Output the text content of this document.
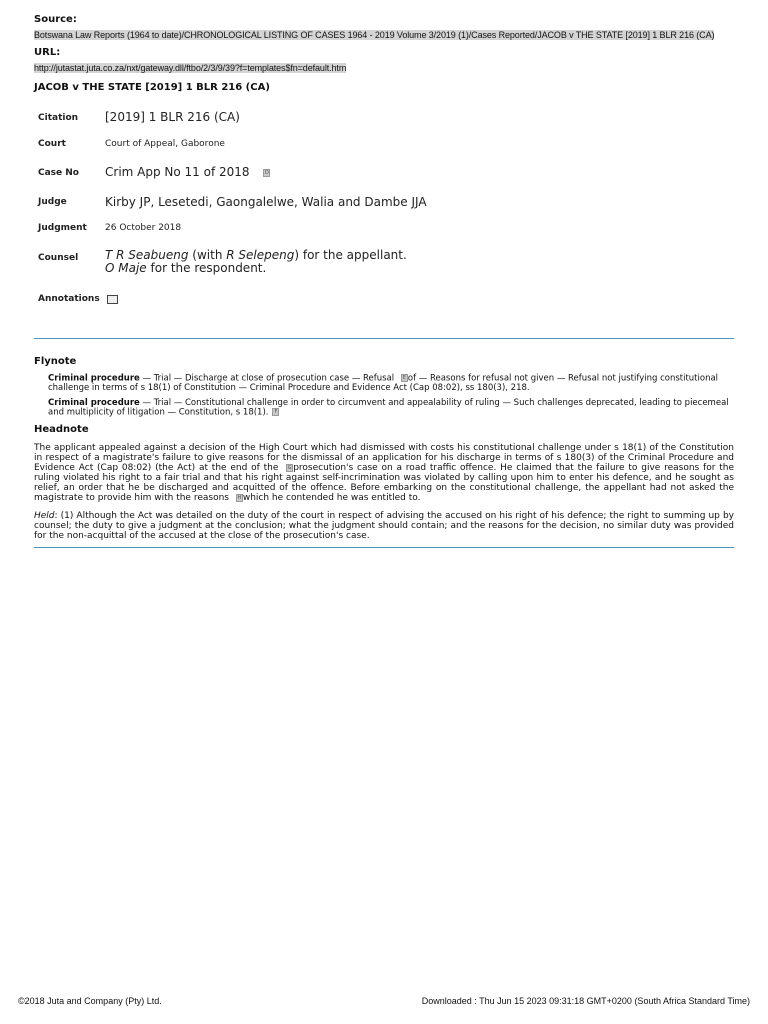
Source:
Botswana Law Reports (1964 to date)/CHRONOLOGICAL LISTING OF CASES 1964 - 2019 Volume 3/2019 (1)/Cases Reported/JACOB v THE STATE [2019] 1 BLR 216 (CA)
URL:
http://jutastat.juta.co.za/nxt/gateway.dll/ftbo/2/3/9/39?f=templates$fn=default.htm
JACOB v THE STATE [2019] 1 BLR 216 (CA)
Citation	[2019] 1 BLR 216 (CA)
Court	Court of Appeal, Gaborone
Case No	Crim App No 11 of 2018 D
Judge	Kirby JP, Lesetedi, Gaongalelwe, Walia and Dambe JJA
Judgment	26 October 2018
Counsel	T R Seabueng (with R Selepeng) for the appellant.
O Maje for the respondent.

Annotations	
Flynote
Criminal procedure — Trial — Discharge at close of prosecution case — Refusal E of — Reasons for refusal not given — Refusal not justifying constitutional challenge in terms of s 18(1) of Constitution — Criminal Procedure and Evidence Act (Cap 08:02), ss 180(3), 218.
Criminal procedure — Trial — Constitutional challenge in order to circumvent and appealability of ruling — Such challenges deprecated, leading to piecemeal and multiplicity of litigation — Constitution, s 18(1). F
Headnote
The applicant appealed against a decision of the High Court which had dismissed with costs his constitutional challenge under s 18(1) of the Constitution in respect of a magistrate's failure to give reasons for the dismissal of an application for his discharge in terms of s 180(3) of the Criminal Procedure and Evidence Act (Cap 08:02) (the Act) at the end of the G prosecution's case on a road traffic offence. He claimed that the failure to give reasons for the ruling violated his right to a fair trial and that his right against self-incrimination was violated by calling upon him to enter his defence, and he sought as relief, an order that he be discharged and acquitted of the offence. Before embarking on the constitutional challenge, the appellant had not asked the magistrate to provide him with the reasons H which he contended he was entitled to.
Held: (1) Although the Act was detailed on the duty of the court in respect of advising the accused on his right of his defence; the right to summing up by counsel; the duty to give a judgment at the conclusion; what the judgment should contain; and the reasons for the decision, no similar duty was provided for the non-acquittal of the accused at the close of the prosecution's case.
©2018 Juta and Company (Pty) Ltd.	Downloaded : Thu Jun 15 2023 09:31:18 GMT+0200 (South Africa Standard Time)
